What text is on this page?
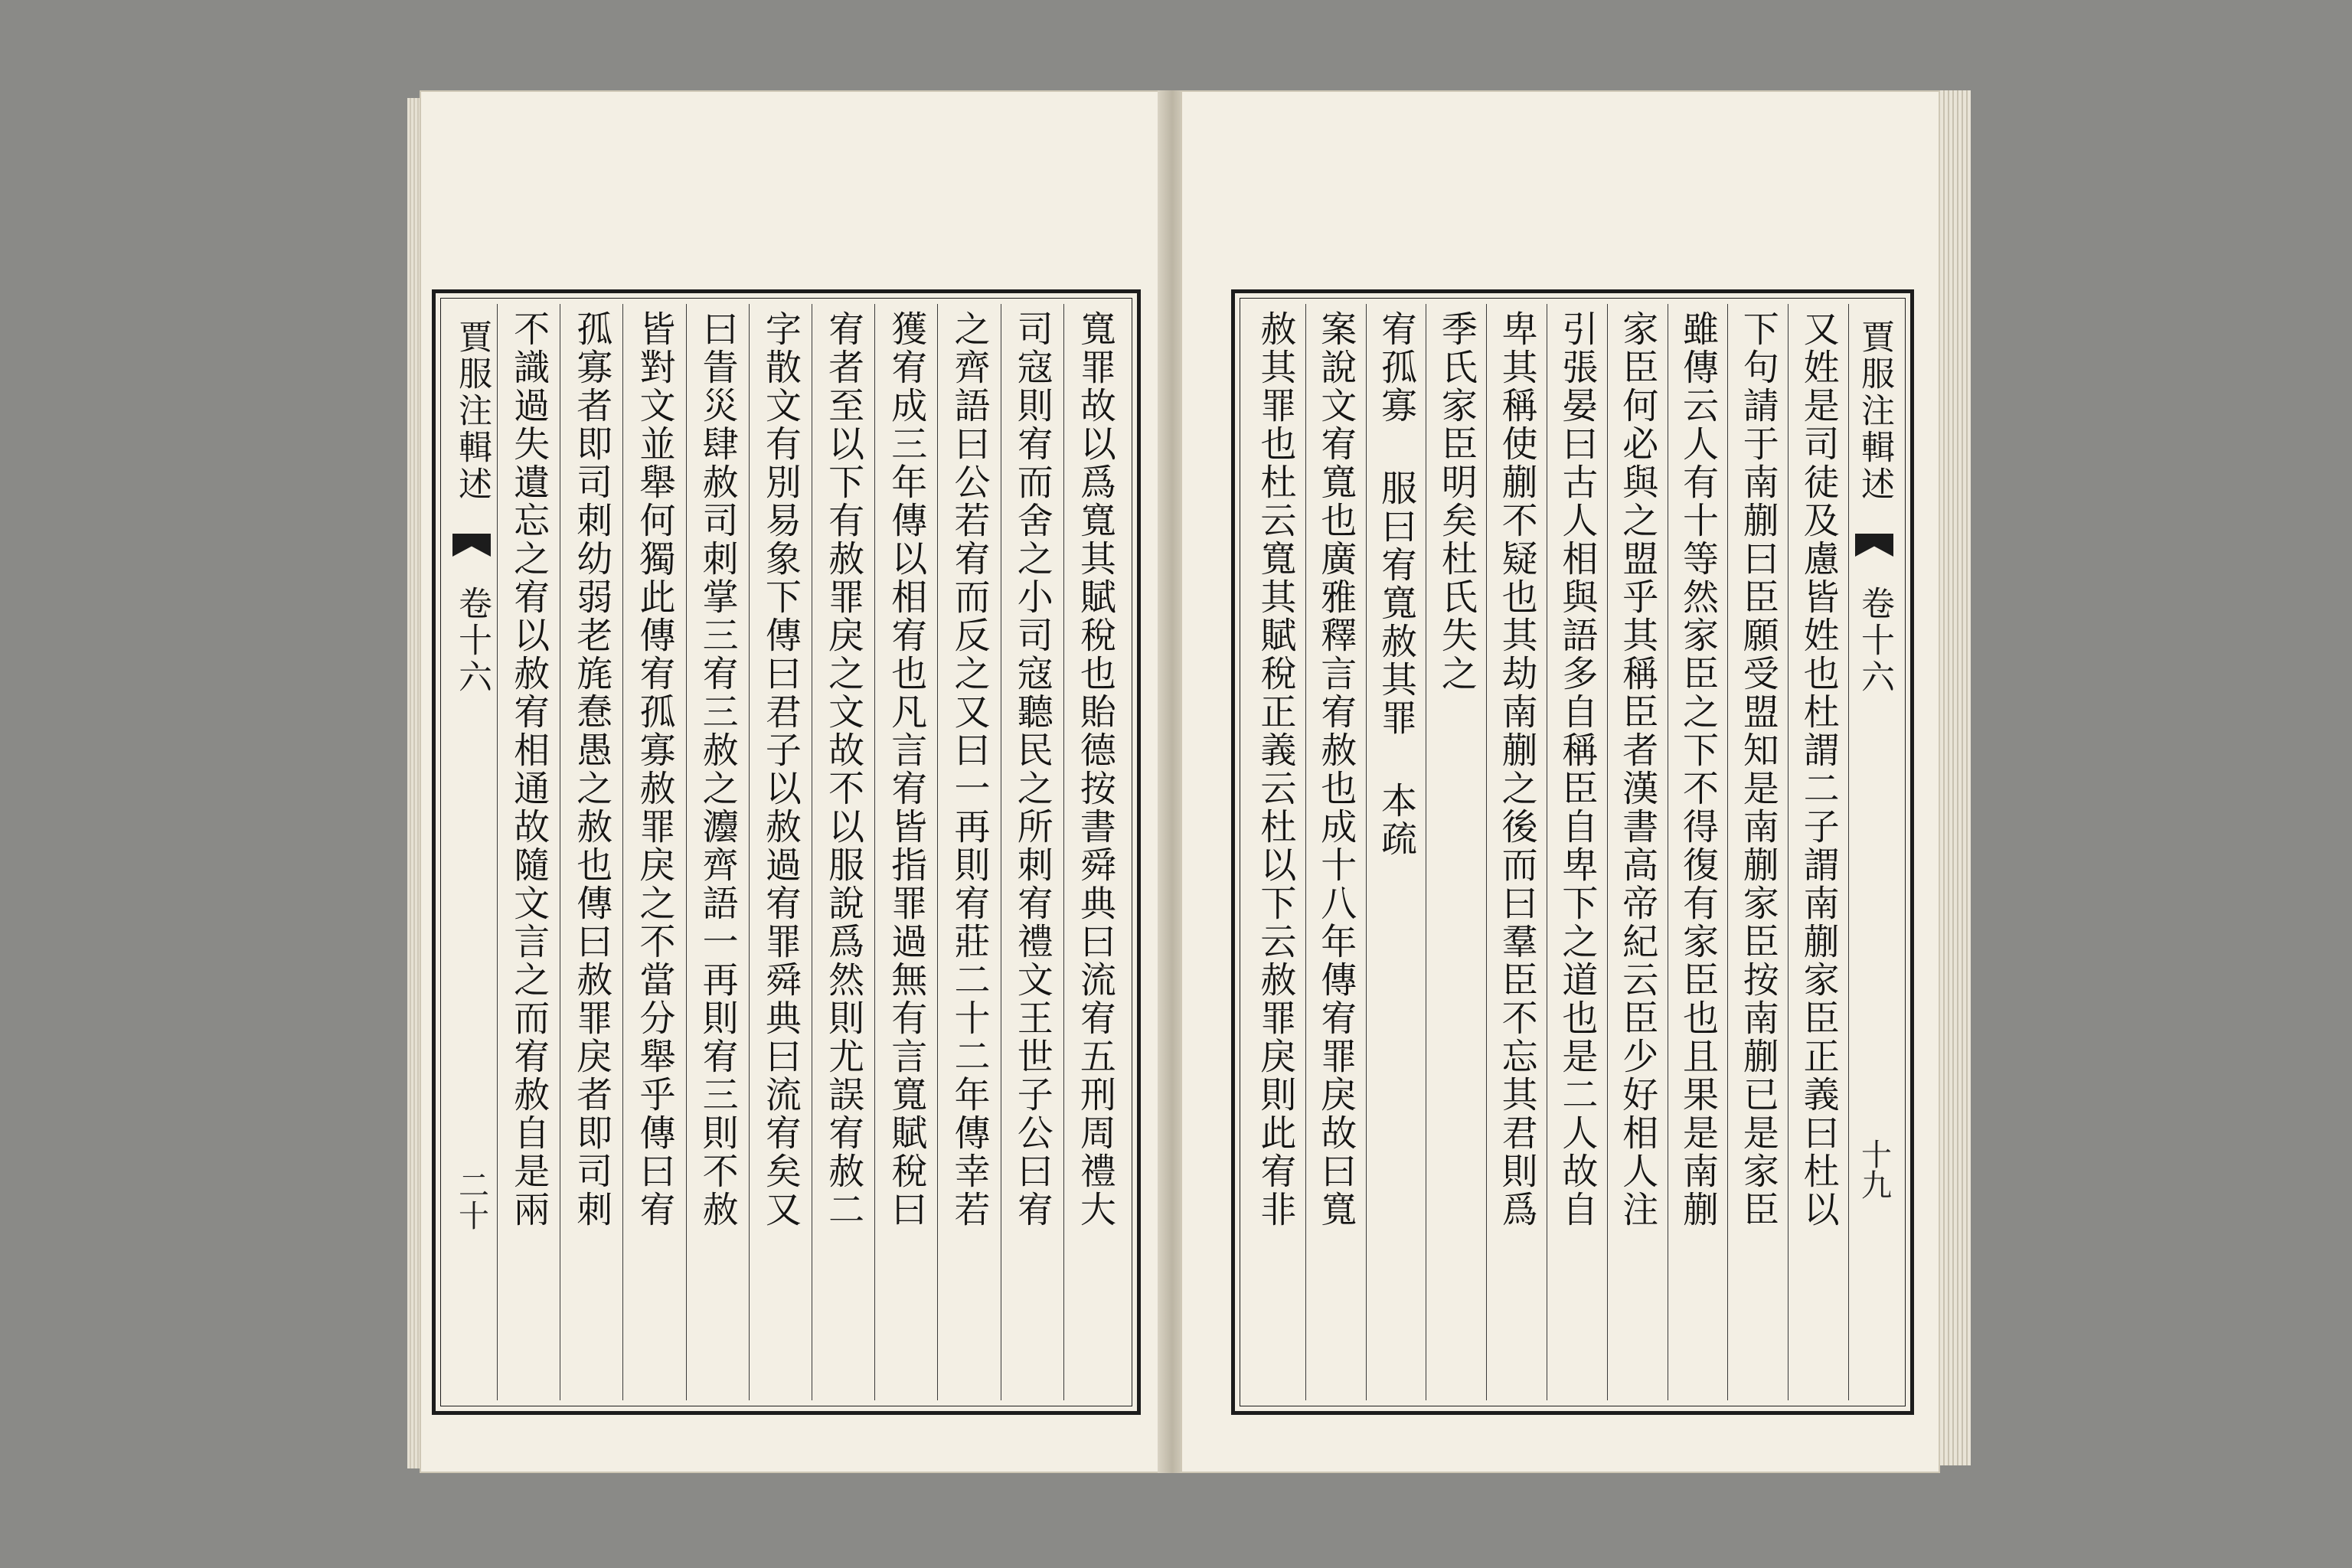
寬罪故以爲寬其賦稅也貽德按書舜典曰流宥五刑周禮大
司寇則宥而舍之小司寇聽民之所刺宥禮文王世子公曰宥
之齊語曰公若宥而反之又曰一再則宥莊二十二年傳幸若
獲宥成三年傳以相宥也凡言宥皆指罪過無有言寬賦稅曰
宥者至以下有赦罪戾之文故不以服說爲然則尤誤宥赦二
字散文有別易象下傳曰君子以赦過宥罪舜典曰流宥矣又
曰眚災肆赦司刺掌三宥三赦之灋齊語一再則宥三則不赦
皆對文並舉何獨此傳宥孤寡赦罪戾之不當分舉乎傳曰宥
孤寡者即司刺幼弱老旄惷愚之赦也傳曰赦罪戾者即司刺
不識過失遺忘之宥以赦宥相通故隨文言之而宥赦自是兩
賈服注輯述
卷十六
二十
賈服注輯述
卷十六
十九
又姓是司徒及慮皆姓也杜謂二子謂南蒯家臣正義曰杜以
下句請于南蒯曰臣願受盟知是南蒯家臣按南蒯已是家臣
雖傳云人有十等然家臣之下不得復有家臣也且果是南蒯
家臣何必與之盟乎其稱臣者漢書高帝紀云臣少好相人注
引張晏曰古人相與語多自稱臣自卑下之道也是二人故自
卑其稱使蒯不疑也其劫南蒯之後而曰羣臣不忘其君則爲
季氏家臣明矣杜氏失之
宥孤寡 服曰宥寬赦其罪 本疏
案說文宥寬也廣雅釋言宥赦也成十八年傳宥罪戾故曰寬
赦其罪也杜云寬其賦稅正義云杜以下云赦罪戾則此宥非
